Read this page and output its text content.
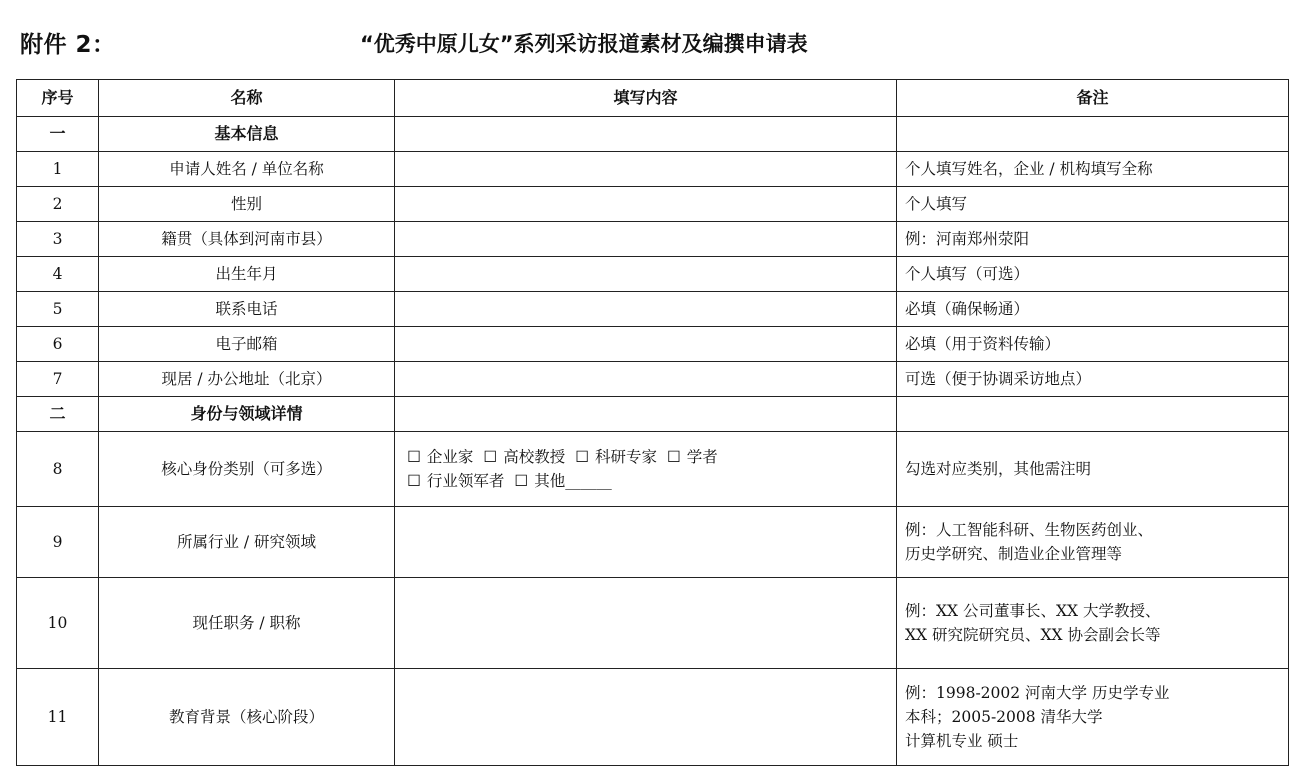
附件 2：	“优秀中原儿女”系列采访报道素材及编撰申请表
序号	名称	填写内容	备注
一	基本信息		
1	申请人姓名 / 单位名称		个人填写姓名，企业 / 机构填写全称
2	性别		个人填写
3	籍贯（具体到河南市县）		例：河南郑州荥阳
4	出生年月		个人填写（可选）
5	联系电话		必填（确保畅通）
6	电子邮箱		必填（用于资料传输）
7	现居 / 办公地址（北京）		可选（便于协调采访地点）
二	身份与领域详情		
8	核心身份类别（可多选）	☐ 企业家  ☐ 高校教授  ☐ 科研专家  ☐ 学者
☐ 行业领军者  ☐ 其他______	勾选对应类别，其他需注明
9	所属行业 / 研究领域		例：人工智能科研、生物医药创业、
历史学研究、制造业企业管理等

10	现任职务 / 职称		例：XX 公司董事长、XX 大学教授、
XX 研究院研究员、XX 协会副会长等

11	教育背景（核心阶段）		例：1998-2002 河南大学 历史学专业
本科；2005-2008 清华大学
计算机专业 硕士
